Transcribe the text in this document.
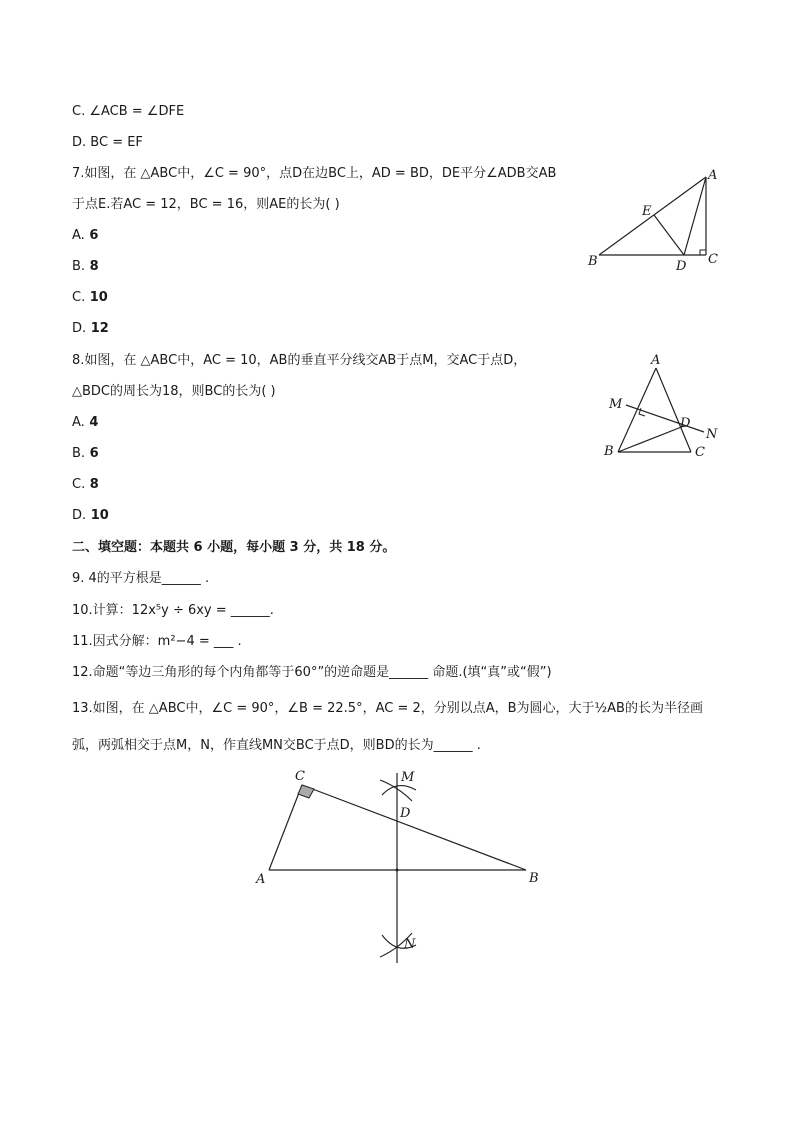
C. ∠ACB = ∠DFE
D. BC = EF
7.如图，在 △ABC中，∠C = 90°，点D在边BC上，AD = BD，DE平分∠ADB交AB
于点E.若AC = 12，BC = 16，则AE的长为( )
A. 6
B. 8
C. 10
D. 12
A
E
B	D C
8.如图，在 △ABC中，AC = 10，AB的垂直平分线交AB于点M，交AC于点D，
△BDC的周长为18，则BC的长为( )
A. 4
B. 6
C. 8
D. 10
A
M
D
N
B	C
二、填空题：本题共 6 小题，每小题 3 分，共 18 分。
9. 4的平方根是______ .
10.计算：12x⁵y ÷ 6xy = ______.
11.因式分解：m²−4 = ___ .
12.命题“等边三角形的每个内角都等于60°”的逆命题是______ 命题.(填“真”或“假”)
13.如图，在 △ABC中，∠C = 90°，∠B = 22.5°，AC = 2，分别以点A，B为圆心，大于½AB的长为半径画
弧，两弧相交于点M，N，作直线MN交BC于点D，则BD的长为______ .
C	M
D
A	B
N
